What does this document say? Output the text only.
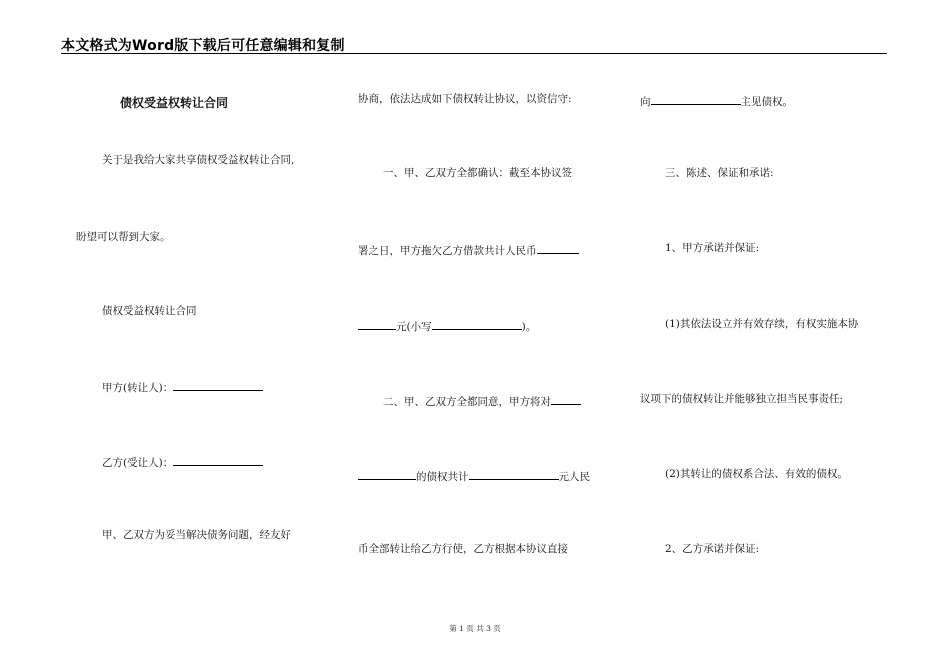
本文格式为Word版下载后可任意编辑和复制
债权受益权转让合同
关于是我给大家共享债权受益权转让合同,
盼望可以帮到大家。
债权受益权转让合同
甲方(转让人)：
乙方(受让人)：
甲、乙双方为妥当解决债务问题，经友好
协商，依法达成如下债权转让协议，以资信守:
一、甲、乙双方全都确认：截至本协议签
署之日，甲方拖欠乙方借款共计人民币
元(小写	)。
二、甲、乙双方全都同意，甲方将对
的债权共计	元人民
币全部转让给乙方行使，乙方根据本协议直接
向	主见债权。
三、陈述、保证和承诺:
1、甲方承诺并保证:
(1)其依法设立并有效存续，有权实施本协
议项下的债权转让并能够独立担当民事责任;
(2)其转让的债权系合法、有效的债权。
2、乙方承诺并保证:
第 1 页 共 3 页
